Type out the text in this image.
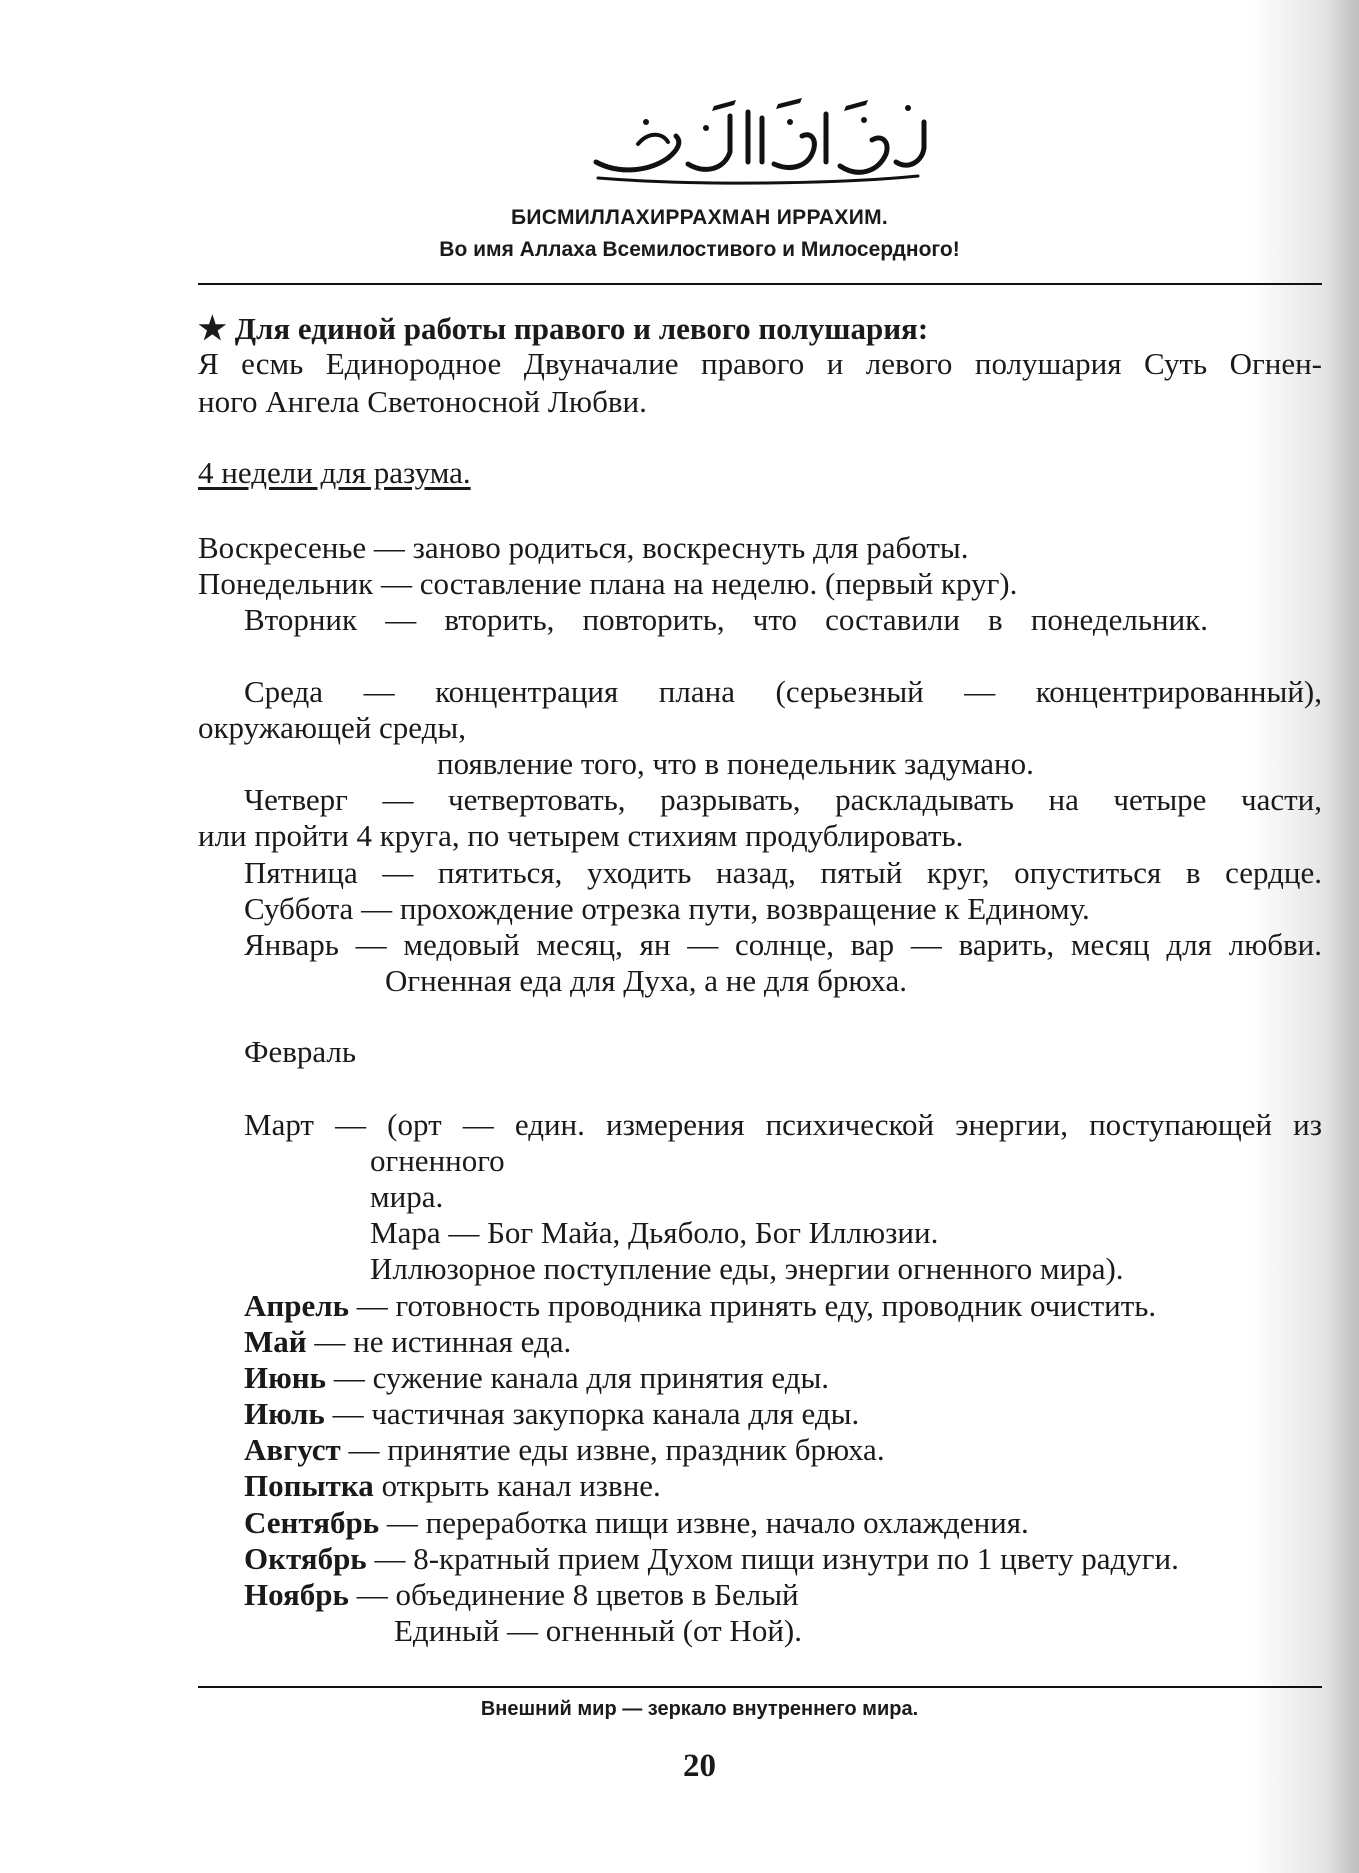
БИСМИЛЛАХИРРАХМАН ИРРАХИМ.
Во имя Аллаха Всемилостивого и Милосердного!
★ Для единой работы правого и левого полушария:
Я есмь Единородное Двуначалие правого и левого полушария Суть Огнен-
ного Ангела Светоносной Любви.
4 недели для разума.
Воскресенье — заново родиться, воскреснуть для работы.
Понедельник — составление плана на неделю. (первый круг).
Вторник — вторить, повторить, что составили в понедельник.
Среда — концентрация плана (серьезный — концентрированный),
окружающей среды,
появление того, что в понедельник задумано.
Четверг — четвертовать, разрывать, раскладывать на четыре части,
или пройти 4 круга, по четырем стихиям продублировать.
Пятница — пятиться, уходить назад, пятый круг, опуститься в сердце.
Суббота — прохождение отрезка пути, возвращение к Единому.
Январь — медовый месяц, ян — солнце, вар — варить, месяц для любви.
Огненная еда для Духа, а не для брюха.
Февраль
Март — (орт — един. измерения психической энергии, поступающей из
огненного
мира.
Мара — Бог Майа, Дьяболо, Бог Иллюзии.
Иллюзорное поступление еды, энергии огненного мира).
Апрель — готовность проводника принять еду, проводник очистить.
Май — не истинная еда.
Июнь — сужение канала для принятия еды.
Июль — частичная закупорка канала для еды.
Август — принятие еды извне, праздник брюха.
Попытка открыть канал извне.
Сентябрь — переработка пищи извне, начало охлаждения.
Октябрь — 8-кратный прием Духом пищи изнутри по 1 цвету радуги.
Ноябрь — объединение 8 цветов в Белый
Единый — огненный (от Ной).
Внешний мир — зеркало внутреннего мира.
20
